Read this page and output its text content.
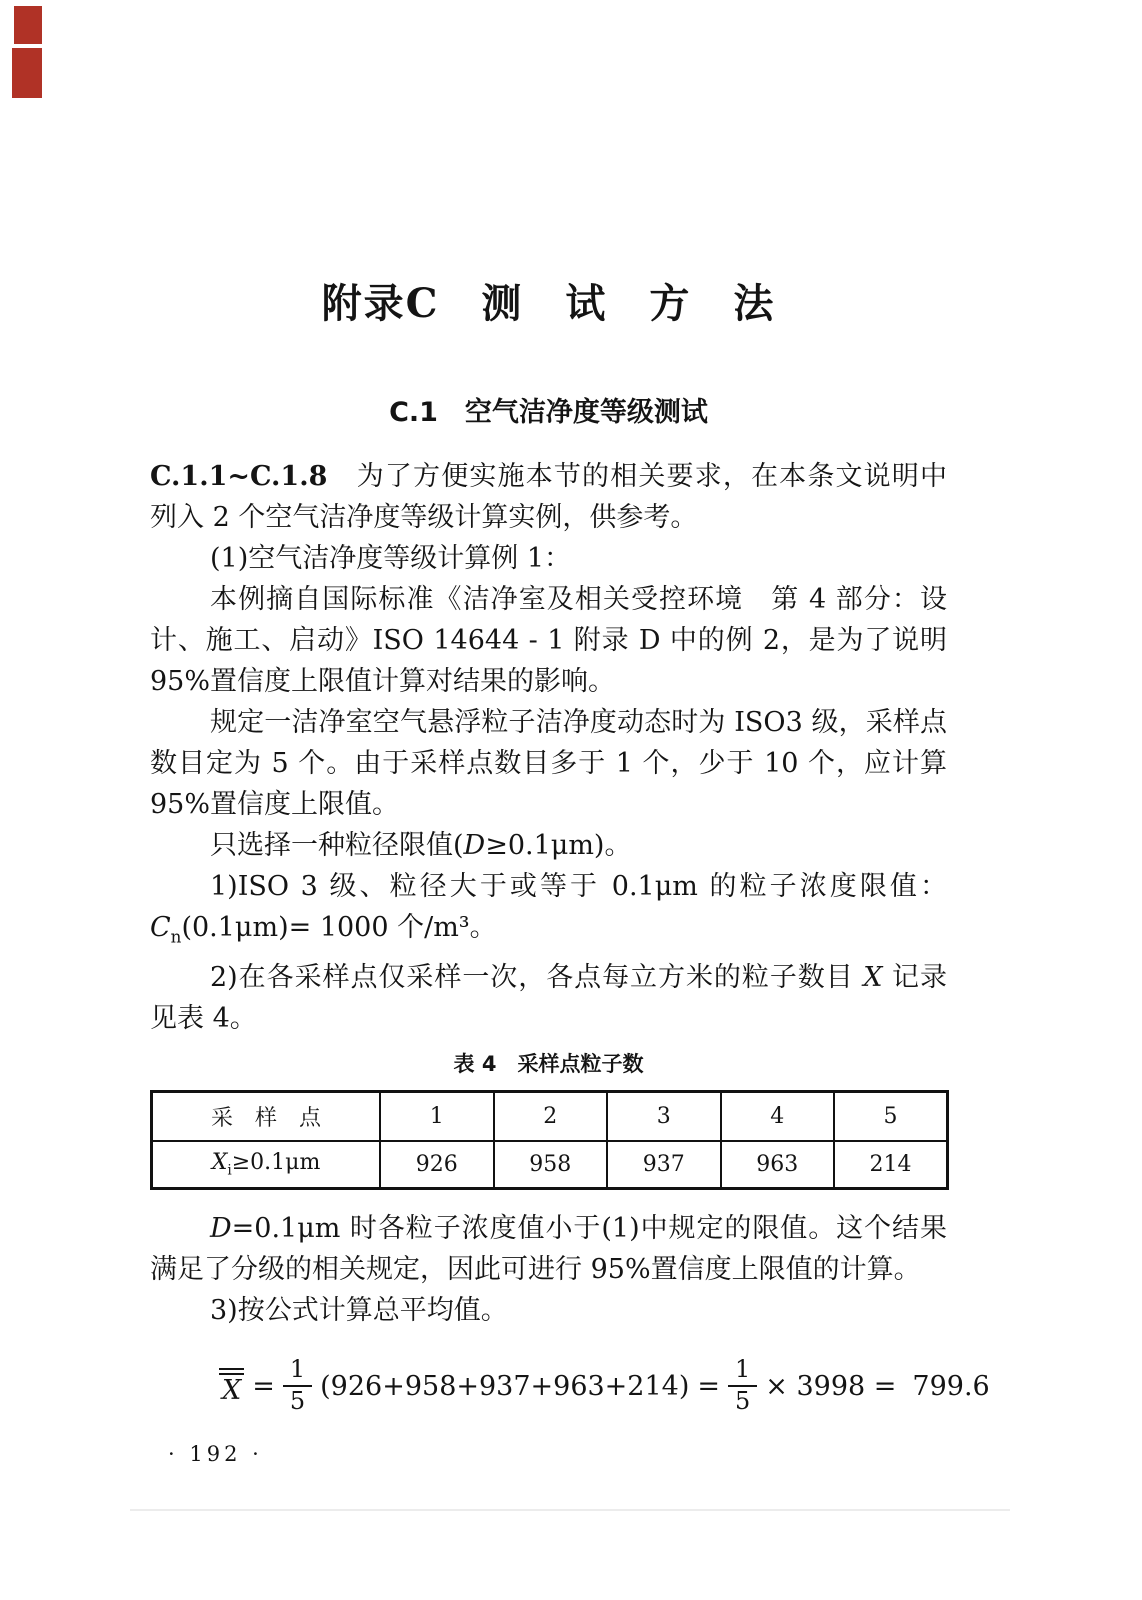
附录C　测　试　方　法
C.1　空气洁净度等级测试

C.1.1~C.1.8　为了方便实施本节的相关要求，在本条文说明中列入 2 个空气洁净度等级计算实例，供参考。

(1)空气洁净度等级计算例 1：

本例摘自国际标准《洁净室及相关受控环境　第 4 部分：设计、施工、启动》ISO 14644 - 1 附录 D 中的例 2，是为了说明 95%置信度上限值计算对结果的影响。

规定一洁净室空气悬浮粒子洁净度动态时为 ISO3 级，采样点数目定为 5 个。由于采样点数目多于 1 个，少于 10 个，应计算 95%置信度上限值。

只选择一种粒径限值(D≥0.1μm)。

1)ISO 3 级、粒径大于或等于 0.1μm 的粒子浓度限值：$C_n(0.1\mu m)= 1000$ 个/m³。

2)在各采样点仅采样一次，各点每立方米的粒子数目 X 记录见表 4。

表 4　采样点粒子数

采　样　点	1	2	3	4	5
$X_i\ge 0.1\mu m$	926	958	937	963	214

D=0.1μm 时各粒子浓度值小于(1)中规定的限值。这个结果满足了分级的相关规定，因此可进行 95%置信度上限值的计算。

3)按公式计算总平均值。

$X = \frac{1}{5} (926+958+937+963+214) = \frac{1}{5} \times 3998 = 799.6$

· 192 ·
